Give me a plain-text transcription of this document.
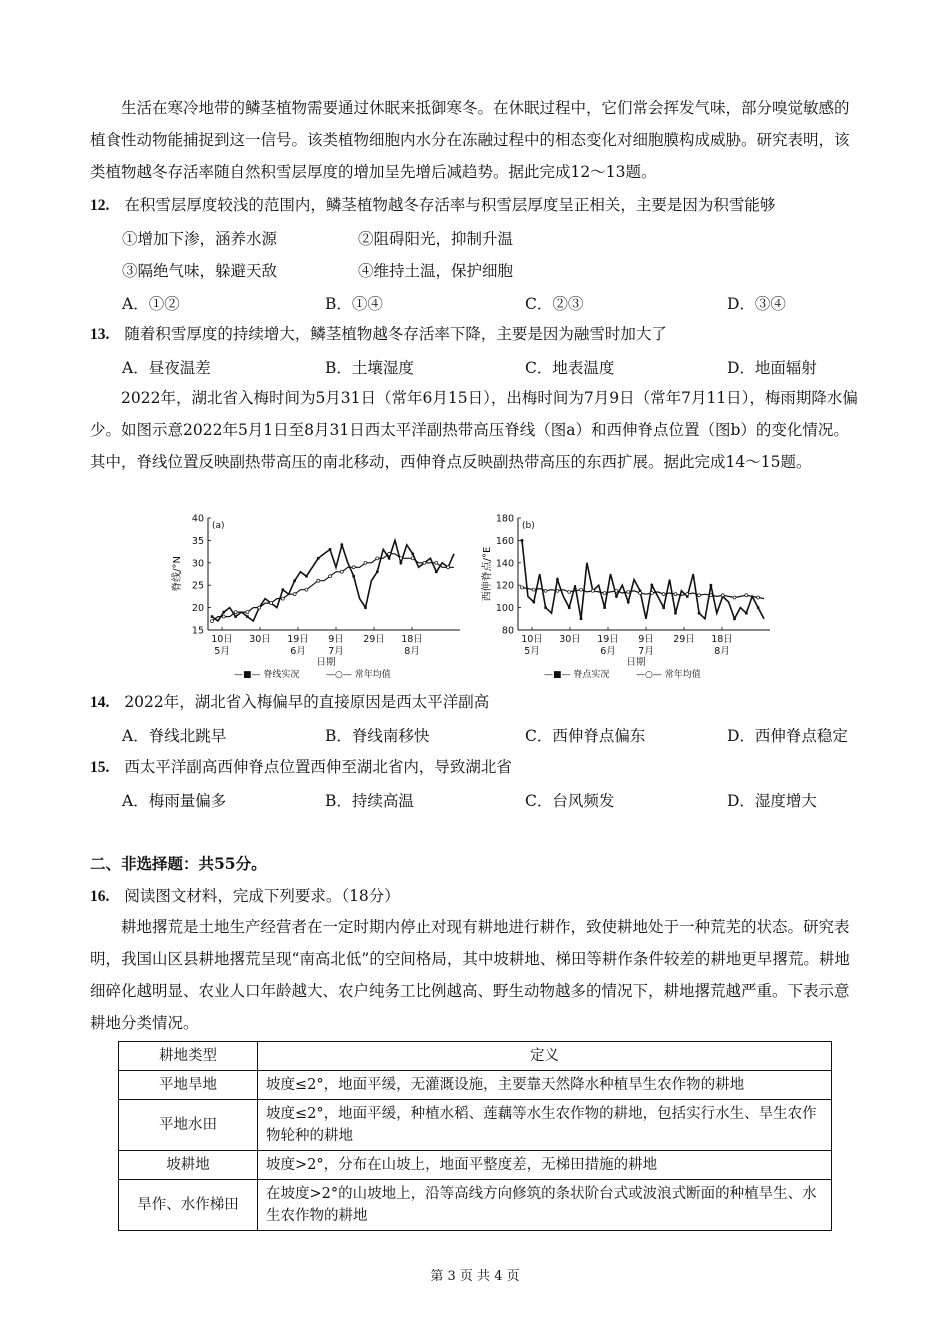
生活在寒冷地带的鳞茎植物需要通过休眠来抵御寒冬。在休眠过程中，它们常会挥发气味，部分嗅觉敏感的植食性动物能捕捉到这一信号。该类植物细胞内水分在冻融过程中的相态变化对细胞膜构成威胁。研究表明，该类植物越冬存活率随自然积雪层厚度的增加呈先增后减趋势。据此完成12～13题。
12. 在积雪层厚度较浅的范围内，鳞茎植物越冬存活率与积雪层厚度呈正相关，主要是因为积雪能够
①增加下渗，涵养水源	②阻碍阳光，抑制升温
③隔绝气味，躲避天敌	④维持土温，保护细胞
A．①②	B．①④	C．②③	D．③④
13. 随着积雪厚度的持续增大，鳞茎植物越冬存活率下降，主要是因为融雪时加大了
A．昼夜温差	B．土壤湿度	C．地表温度	D．地面辐射
2022年，湖北省入梅时间为5月31日（常年6月15日），出梅时间为7月9日（常年7月11日），梅雨期降水偏少。如图示意2022年5月1日至8月31日西太平洋副热带高压脊线（图a）和西伸脊点位置（图b）的变化情况。其中，脊线位置反映副热带高压的南北移动，西伸脊点反映副热带高压的东西扩展。据此完成14～15题。
40
35
30
25
20
15
(a)
脊线/°N
10日 30日 19日 9日 29日 18日
5月	6月 7月	8月
日期
—■— 脊线实况	—○— 常年均值
180
160
140
120
100
80
(b)
西伸脊点/°E
10日 30日 19日 9日 29日 18日
5月	6月 7月	8月
日期
—■— 脊点实况	—○— 常年均值
14. 2022年，湖北省入梅偏早的直接原因是西太平洋副高
A．脊线北跳早	B．脊线南移快	C．西伸脊点偏东	D．西伸脊点稳定
15. 西太平洋副高西伸脊点位置西伸至湖北省内，导致湖北省
A．梅雨量偏多	B．持续高温	C．台风频发	D．湿度增大
二、非选择题：共55分。
16. 阅读图文材料，完成下列要求。（18分）
耕地撂荒是土地生产经营者在一定时期内停止对现有耕地进行耕作，致使耕地处于一种荒芜的状态。研究表明，我国山区县耕地撂荒呈现“南高北低”的空间格局，其中坡耕地、梯田等耕作条件较差的耕地更早撂荒。耕地细碎化越明显、农业人口年龄越大、农户纯务工比例越高、野生动物越多的情况下，耕地撂荒越严重。下表示意耕地分类情况。
耕地类型	定义
平地旱地	坡度≤2°，地面平缓，无灌溉设施，主要靠天然降水种植旱生农作物的耕地
平地水田	坡度≤2°，地面平缓，种植水稻、莲藕等水生农作物的耕地，包括实行水生、旱生农作物轮种的耕地
坡耕地	坡度>2°，分布在山坡上，地面平整度差，无梯田措施的耕地
旱作、水作梯田	在坡度>2°的山坡地上，沿等高线方向修筑的条状阶台式或波浪式断面的种植旱生、水生农作物的耕地
第 3 页 共 4 页
